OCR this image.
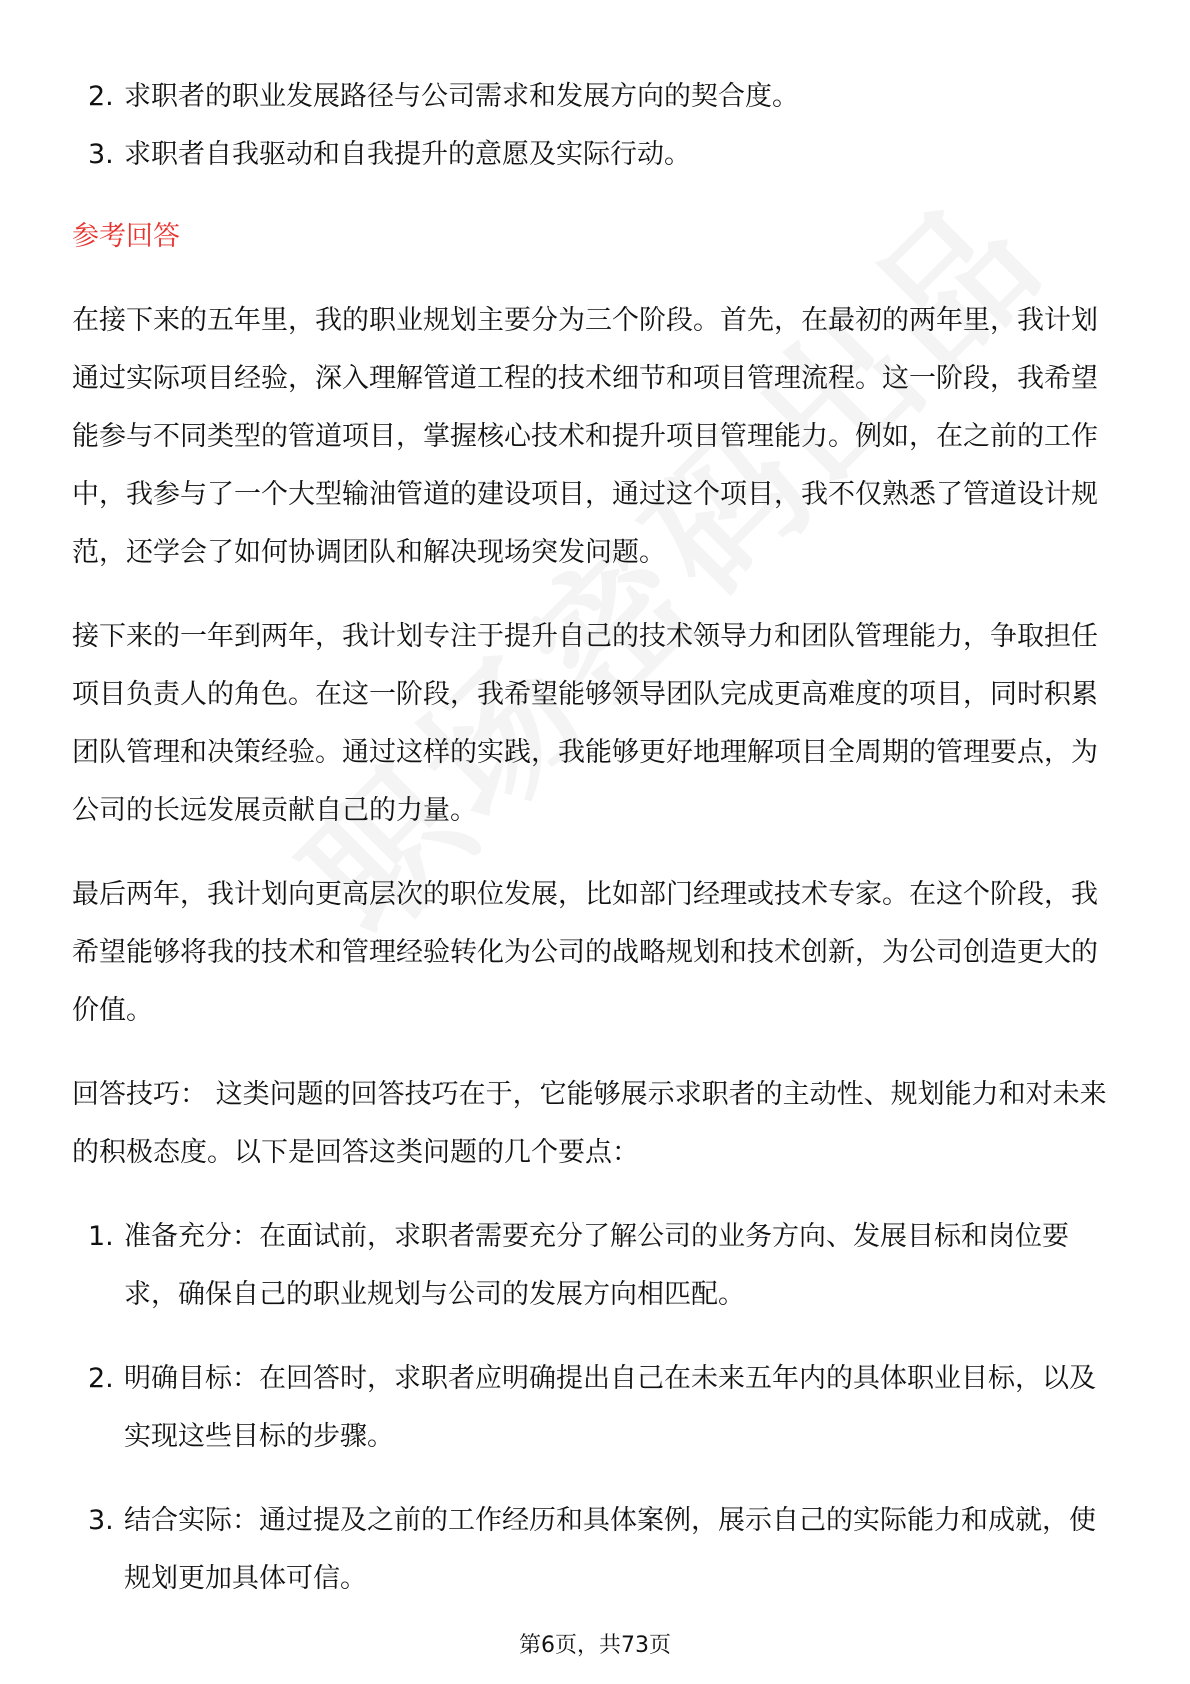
2. 求职者的职业发展路径与公司需求和发展方向的契合度。
3. 求职者自我驱动和自我提升的意愿及实际行动。
参考回答

在接下来的五年里，我的职业规划主要分为三个阶段。首先，在最初的两年里，我计划通过实际项目经验，深入理解管道工程的技术细节和项目管理流程。这一阶段，我希望能参与不同类型的管道项目，掌握核心技术和提升项目管理能力。例如，在之前的工作中，我参与了一个大型输油管道的建设项目，通过这个项目，我不仅熟悉了管道设计规范，还学会了如何协调团队和解决现场突发问题。

接下来的一年到两年，我计划专注于提升自己的技术领导力和团队管理能力，争取担任项目负责人的角色。在这一阶段，我希望能够领导团队完成更高难度的项目，同时积累团队管理和决策经验。通过这样的实践，我能够更好地理解项目全周期的管理要点，为公司的长远发展贡献自己的力量。

最后两年，我计划向更高层次的职位发展，比如部门经理或技术专家。在这个阶段，我希望能够将我的技术和管理经验转化为公司的战略规划和技术创新，为公司创造更大的价值。

回答技巧： 这类问题的回答技巧在于，它能够展示求职者的主动性、规划能力和对未来的积极态度。以下是回答这类问题的几个要点：

1. 准备充分：在面试前，求职者需要充分了解公司的业务方向、发展目标和岗位要求，确保自己的职业规划与公司的发展方向相匹配。
2. 明确目标：在回答时，求职者应明确提出自己在未来五年内的具体职业目标，以及实现这些目标的步骤。
3. 结合实际：通过提及之前的工作经历和具体案例，展示自己的实际能力和成就，使规划更加具体可信。
第6页，共73页
